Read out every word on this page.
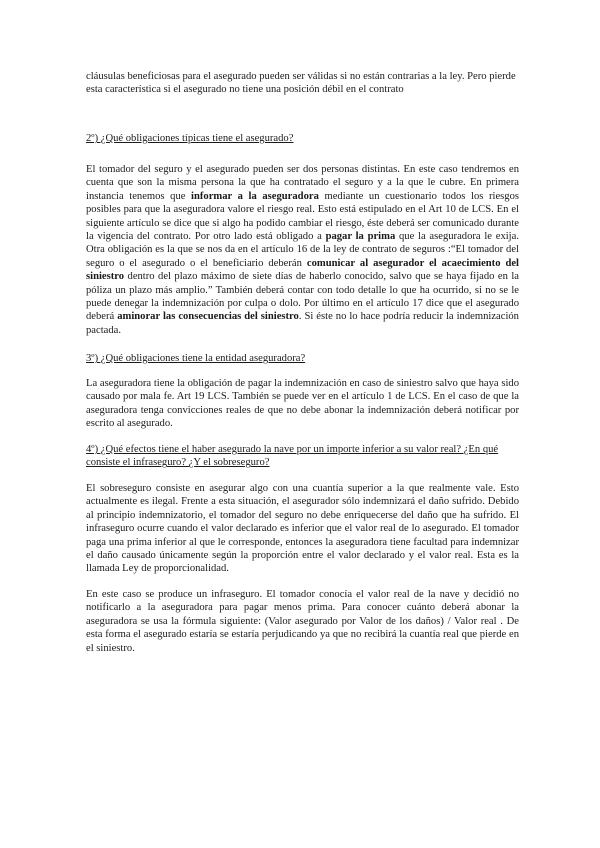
cláusulas beneficiosas para el asegurado pueden ser válidas si no están contrarias a la ley. Pero pierde esta característica si el asegurado no tiene una posición débil en el contrato

2º) ¿Qué obligaciones típicas tiene el asegurado?

El tomador del seguro y el asegurado pueden ser dos personas distintas. En este caso tendremos en cuenta que son la misma persona la que ha contratado el seguro y a la que le cubre. En primera instancia tenemos que informar a la aseguradora mediante un cuestionario todos los riesgos posibles para que la aseguradora valore el riesgo real. Esto está estipulado en el Art 10 de LCS. En el siguiente artículo se dice que si algo ha podido cambiar el riesgo, éste deberá ser comunicado durante la vigencia del contrato. Por otro lado está obligado a pagar la prima que la aseguradora le exija. Otra obligación es la que se nos da en el artículo 16 de la ley de contrato de seguros :“El tomador del seguro o el asegurado o el beneficiario deberán comunicar al asegurador el acaecimiento del siniestro dentro del plazo máximo de siete días de haberlo conocido, salvo que se haya fijado en la póliza un plazo más amplio.” También deberá contar con todo detalle lo que ha ocurrido, si no se le puede denegar la indemnización por culpa o dolo. Por último en el artículo 17 dice que el asegurado deberá aminorar las consecuencias del siniestro. Si éste no lo hace podría reducir la indemnización pactada.

3º) ¿Qué obligaciones tiene la entidad aseguradora?

La aseguradora tiene la obligación de pagar la indemnización en caso de siniestro salvo que haya sido causado por mala fe. Art 19 LCS. También se puede ver en el artículo 1 de LCS. En el caso de que la aseguradora tenga convicciones reales de que no debe abonar la indemnización deberá notificar por escrito al asegurado.

4º) ¿Qué efectos tiene el haber asegurado la nave por un importe inferior a su valor real? ¿En qué consiste el infraseguro? ¿Y el sobreseguro?

El sobreseguro consiste en asegurar algo con una cuantía superior a la que realmente vale. Esto actualmente es ilegal. Frente a esta situación, el asegurador sólo indemnizará el daño sufrido. Debido al principio indemnizatorio, el tomador del seguro no debe enriquecerse del daño que ha sufrido. El infraseguro ocurre cuando el valor declarado es inferior que el valor real de lo asegurado. El tomador paga una prima inferior al que le corresponde, entonces la aseguradora tiene facultad para indemnizar el daño causado únicamente según la proporción entre el valor declarado y el valor real. Esta es la llamada Ley de proporcionalidad.

En este caso se produce un infraseguro. El tomador conocía el valor real de la nave y decidió no notificarlo a la aseguradora para pagar menos prima. Para conocer cuánto deberá abonar la aseguradora se usa la fórmula siguiente: (Valor asegurado por Valor de los daños) / Valor real . De esta forma el asegurado estaría se estaría perjudicando ya que no recibirá la cuantía real que pierde en el siniestro.
